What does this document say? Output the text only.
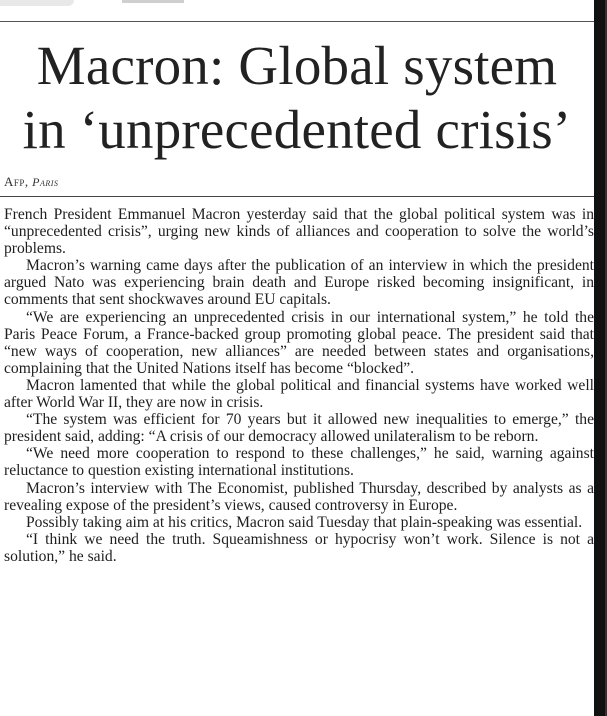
Macron: Global system
in ‘unprecedented crisis’
Afp, Paris

French President Emmanuel Macron yesterday said that the global political system was in “unprecedented crisis”, urging new kinds of alliances and cooperation to solve the world’s problems.

Macron’s warning came days after the publication of an interview in which the president argued Nato was experiencing brain death and Europe risked becoming insignificant, in comments that sent shockwaves around EU capitals.

“We are experiencing an unprecedented crisis in our international system,” he told the Paris Peace Forum, a France-backed group promoting global peace. The president said that “new ways of cooperation, new alliances” are needed between states and organisations, complaining that the United Nations itself has become “blocked”.

Macron lamented that while the global political and financial systems have worked well after World War II, they are now in crisis.

“The system was efficient for 70 years but it allowed new inequalities to emerge,” the president said, adding: “A crisis of our democracy allowed unilateralism to be reborn.

“We need more cooperation to respond to these challenges,” he said, warning against reluctance to question existing international institutions.

Macron’s interview with The Economist, published Thursday, described by analysts as a revealing expose of the president’s views, caused controversy in Europe.

Possibly taking aim at his critics, Macron said Tuesday that plain-speaking was essential.

“I think we need the truth. Squeamishness or hypocrisy won’t work. Silence is not a solution,” he said.
